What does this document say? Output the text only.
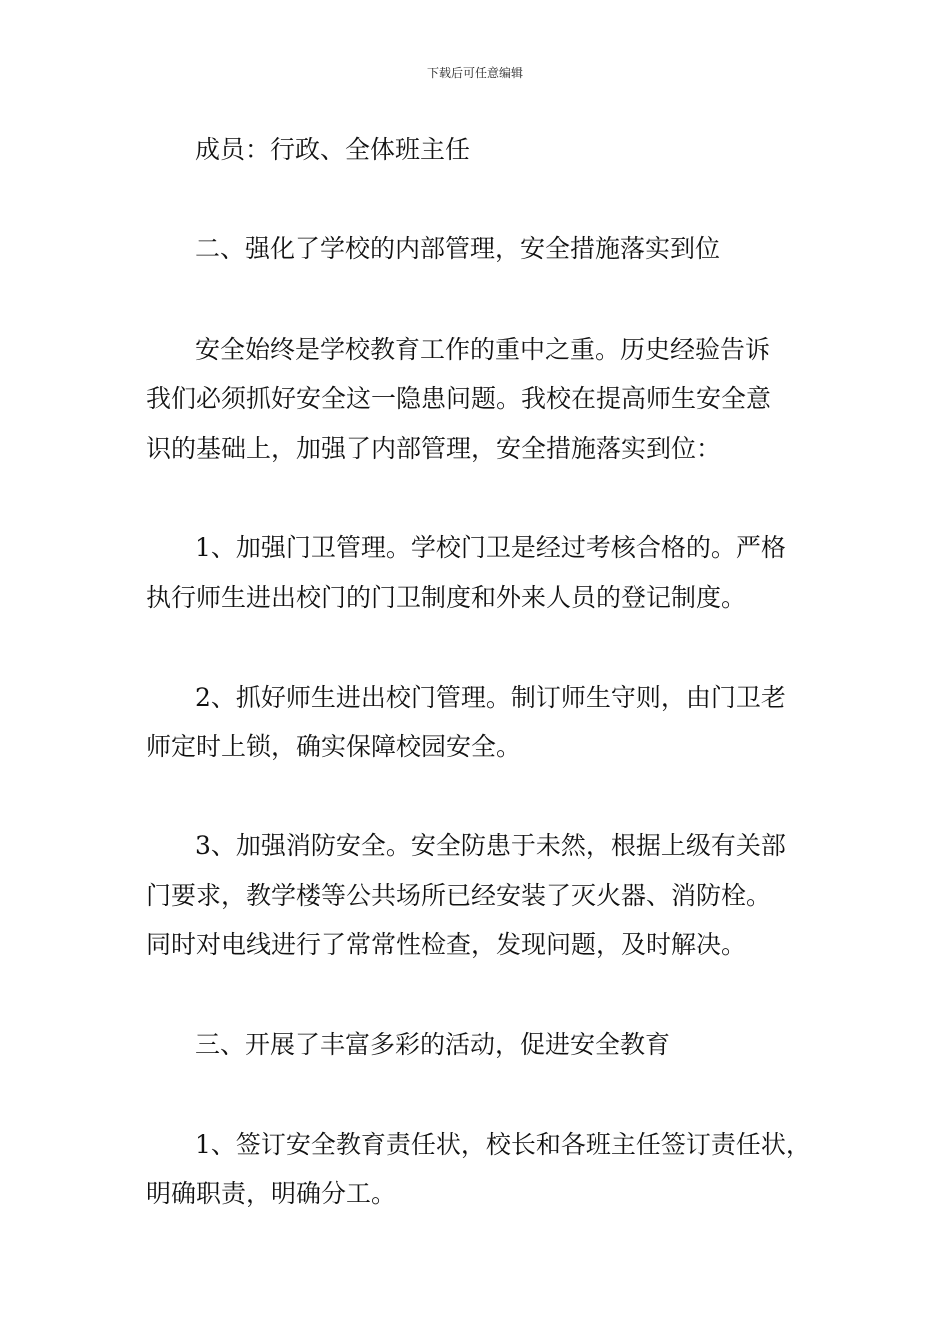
下载后可任意编辑
成员：行政、全体班主任
二、强化了学校的内部管理，安全措施落实到位
安全始终是学校教育工作的重中之重。历史经验告诉
我们必须抓好安全这一隐患问题。我校在提高师生安全意
识的基础上，加强了内部管理，安全措施落实到位：
1、加强门卫管理。学校门卫是经过考核合格的。严格
执行师生进出校门的门卫制度和外来人员的登记制度。
2、抓好师生进出校门管理。制订师生守则，由门卫老
师定时上锁，确实保障校园安全。
3、加强消防安全。安全防患于未然，根据上级有关部
门要求，教学楼等公共场所已经安装了灭火器、消防栓。
同时对电线进行了常常性检查，发现问题，及时解决。
三、开展了丰富多彩的活动，促进安全教育
1、签订安全教育责任状，校长和各班主任签订责任状，
明确职责，明确分工。
